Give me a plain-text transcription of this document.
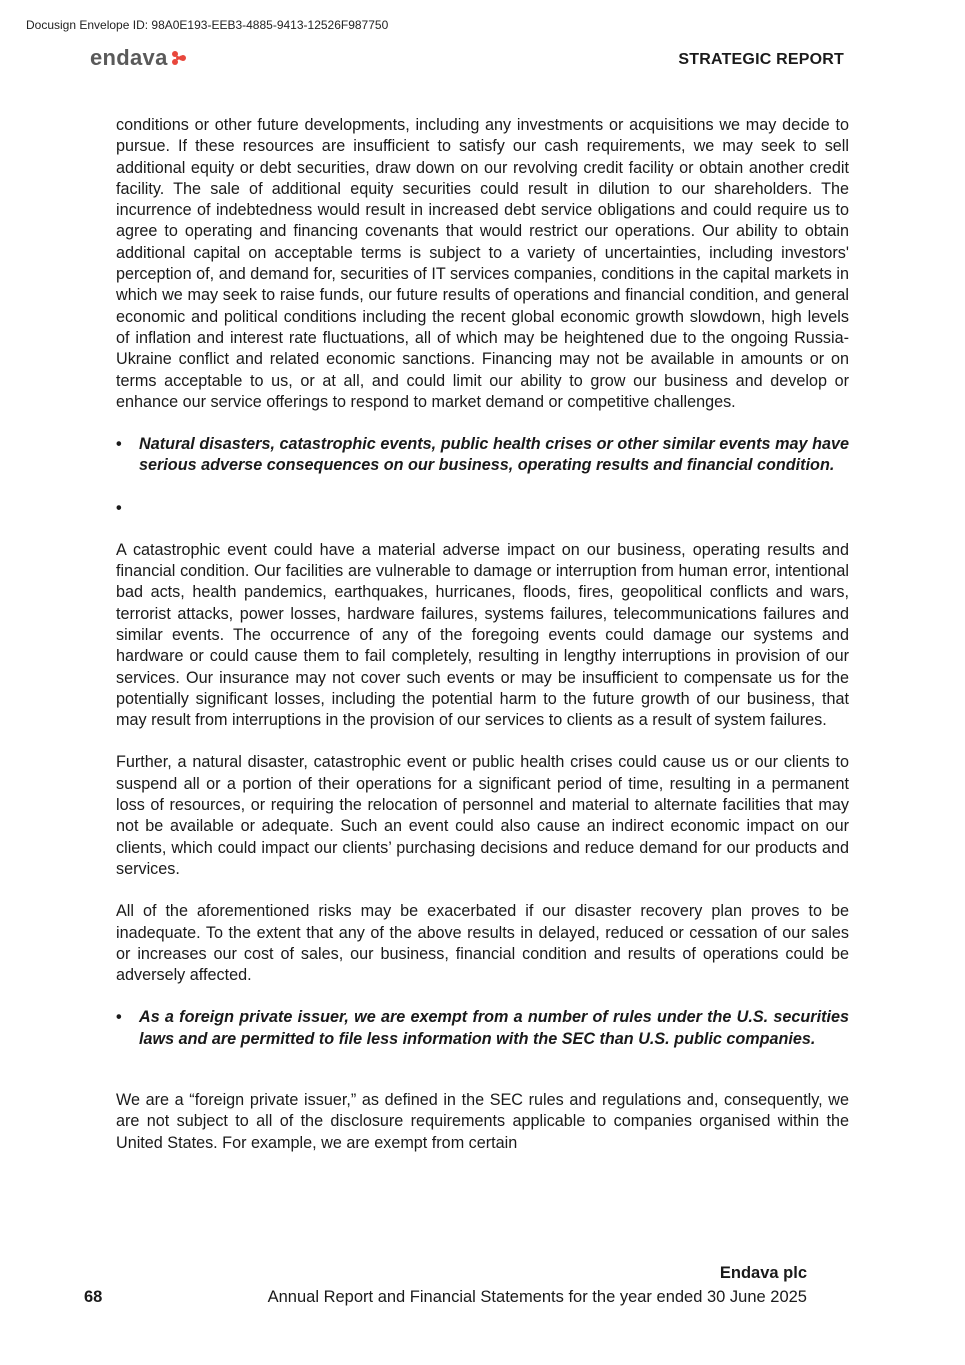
Docusign Envelope ID: 98A0E193-EEB3-4885-9413-12526F987750
endava	STRATEGIC REPORT

conditions or other future developments, including any investments or acquisitions we may decide to pursue. If these resources are insufficient to satisfy our cash requirements, we may seek to sell additional equity or debt securities, draw down on our revolving credit facility or obtain another credit facility. The sale of additional equity securities could result in dilution to our shareholders. The incurrence of indebtedness would result in increased debt service obligations and could require us to agree to operating and financing covenants that would restrict our operations. Our ability to obtain additional capital on acceptable terms is subject to a variety of uncertainties, including investors' perception of, and demand for, securities of IT services companies, conditions in the capital markets in which we may seek to raise funds, our future results of operations and financial condition, and general economic and political conditions including the recent global economic growth slowdown, high levels of inflation and interest rate fluctuations, all of which may be heightened due to the ongoing Russia-Ukraine conflict and related economic sanctions. Financing may not be available in amounts or on terms acceptable to us, or at all, and could limit our ability to grow our business and develop or enhance our service offerings to respond to market demand or competitive challenges.

• Natural disasters, catastrophic events, public health crises or other similar events may have serious adverse consequences on our business, operating results and financial condition.
•

A catastrophic event could have a material adverse impact on our business, operating results and financial condition. Our facilities are vulnerable to damage or interruption from human error, intentional bad acts, health pandemics, earthquakes, hurricanes, floods, fires, geopolitical conflicts and wars, terrorist attacks, power losses, hardware failures, systems failures, telecommunications failures and similar events. The occurrence of any of the foregoing events could damage our systems and hardware or could cause them to fail completely, resulting in lengthy interruptions in provision of our services. Our insurance may not cover such events or may be insufficient to compensate us for the potentially significant losses, including the potential harm to the future growth of our business, that may result from interruptions in the provision of our services to clients as a result of system failures.

Further, a natural disaster, catastrophic event or public health crises could cause us or our clients to suspend all or a portion of their operations for a significant period of time, resulting in a permanent loss of resources, or requiring the relocation of personnel and material to alternate facilities that may not be available or adequate. Such an event could also cause an indirect economic impact on our clients, which could impact our clients’ purchasing decisions and reduce demand for our products and services.

All of the aforementioned risks may be exacerbated if our disaster recovery plan proves to be inadequate. To the extent that any of the above results in delayed, reduced or cessation of our sales or increases our cost of sales, our business, financial condition and results of operations could be adversely affected.

• As a foreign private issuer, we are exempt from a number of rules under the U.S. securities laws and are permitted to file less information with the SEC than U.S. public companies.

We are a “foreign private issuer,” as defined in the SEC rules and regulations and, consequently, we are not subject to all of the disclosure requirements applicable to companies organised within the United States. For example, we are exempt from certain

Endava plc
68	Annual Report and Financial Statements for the year ended 30 June 2025
